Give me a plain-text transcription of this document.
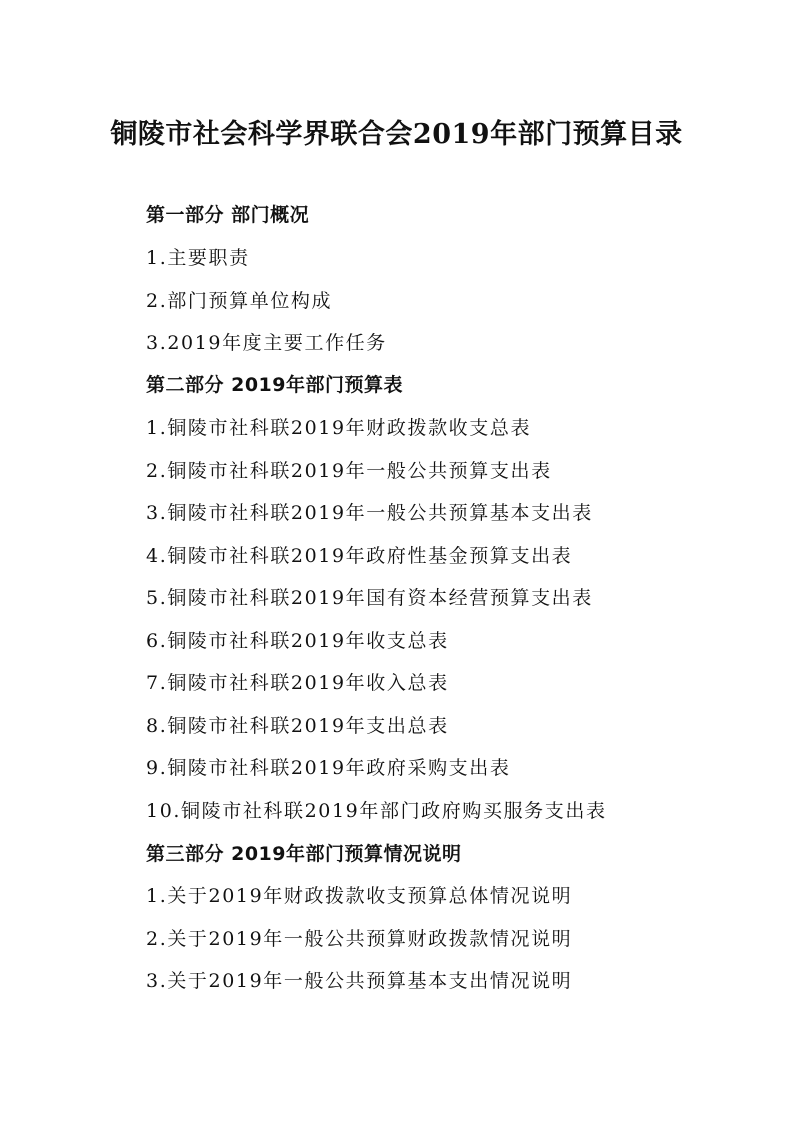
铜陵市社会科学界联合会2019年部门预算目录
第一部分 部门概况
1.主要职责
2.部门预算单位构成
3.2019年度主要工作任务
第二部分 2019年部门预算表
1.铜陵市社科联2019年财政拨款收支总表
2.铜陵市社科联2019年一般公共预算支出表
3.铜陵市社科联2019年一般公共预算基本支出表
4.铜陵市社科联2019年政府性基金预算支出表
5.铜陵市社科联2019年国有资本经营预算支出表
6.铜陵市社科联2019年收支总表
7.铜陵市社科联2019年收入总表
8.铜陵市社科联2019年支出总表
9.铜陵市社科联2019年政府采购支出表
10.铜陵市社科联2019年部门政府购买服务支出表
第三部分 2019年部门预算情况说明
1.关于2019年财政拨款收支预算总体情况说明
2.关于2019年一般公共预算财政拨款情况说明
3.关于2019年一般公共预算基本支出情况说明
